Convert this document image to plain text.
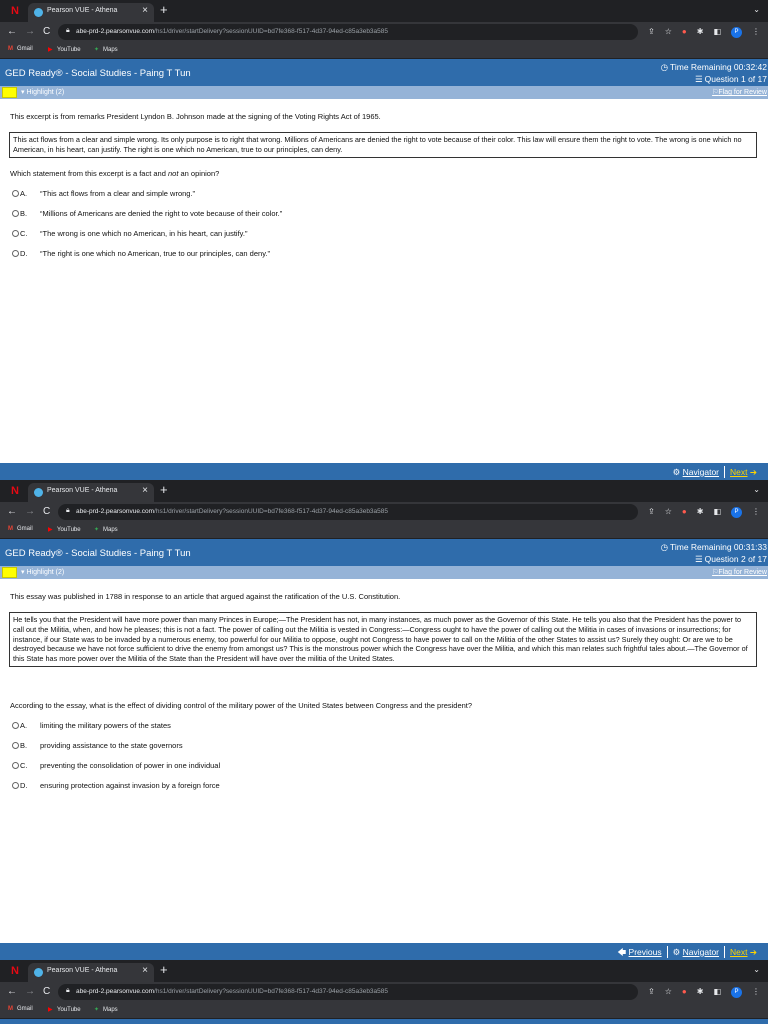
N	Pearson VUE - Athena × +	⌄
← → C 🔒︎ abe-prd-2.pearsonvue.com/hs1/driver/startDelivery?sessionUUID=bd7fe368-f517-4d37-94ed-c85a3eb3a585	⇪ ☆ ● ✱ ◧	P	⋮
M Gmail	▶ YouTube ✦ Maps
GED Ready® - Social Studies - Paing T Tun
◷ Time Remaining 00:32:42
☰ Question 1 of 17
▾ Highlight (2)	⚐Flag for Review
This excerpt is from remarks President Lyndon B. Johnson made at the signing of the Voting Rights Act of 1965.
This act flows from a clear and simple wrong. Its only purpose is to right that wrong. Millions of Americans are denied the right to vote because of their color. This law will ensure them the right to vote. The wrong is one which no American, in his heart, can justify. The right is one which no American, true to our principles, can deny.
Which statement from this excerpt is a fact and not an opinion?
A. “This act flows from a clear and simple wrong.”
B. “Millions of Americans are denied the right to vote because of their color.”
C. “The wrong is one which no American, in his heart, can justify.”
D. “The right is one which no American, true to our principles, can deny.”
⚙ Navigator	Next ➔
N	Pearson VUE - Athena × +	⌄
← → C 🔒︎ abe-prd-2.pearsonvue.com/hs1/driver/startDelivery?sessionUUID=bd7fe368-f517-4d37-94ed-c85a3eb3a585	⇪ ☆ ● ✱ ◧	P	⋮
M Gmail	▶ YouTube ✦ Maps
GED Ready® - Social Studies - Paing T Tun
◷ Time Remaining 00:31:33
☰ Question 2 of 17
▾ Highlight (2)	⚐Flag for Review
This essay was published in 1788 in response to an article that argued against the ratification of the U.S. Constitution.
He tells you that the President will have more power than many Princes in Europe;—The President has not, in many instances, as much power as the Governor of this State. He tells you also that the President has the power to call out the Militia, when, and how he pleases; this is not a fact. The power of calling out the Militia is vested in Congress:—Congress ought to have the power of calling out the Militia in cases of invasions or insurrections; for instance, if our State was to be invaded by a numerous enemy, too powerful for our Militia to oppose, ought not Congress to have power to call on the Militia of the other States to assist us? Surely they ought: Or are we to be destroyed because we have not force sufficient to drive the enemy from amongst us? This is the monstrous power which the Congress have over the Militia, and which this man relates such frightful tales about.—The Governor of this State has more power over the Militia of the State than the President will have over the militia of the United States.
According to the essay, what is the effect of dividing control of the military power of the United States between Congress and the president?
A. limiting the military powers of the states
B. providing assistance to the state governors
C. preventing the consolidation of power in one individual
D. ensuring protection against invasion by a foreign force
🡄 Previous	⚙ Navigator	Next ➔
N	Pearson VUE - Athena × +	⌄
← → C 🔒︎ abe-prd-2.pearsonvue.com/hs1/driver/startDelivery?sessionUUID=bd7fe368-f517-4d37-94ed-c85a3eb3a585	⇪ ☆ ● ✱ ◧	P	⋮
M Gmail	▶ YouTube ✦ Maps
